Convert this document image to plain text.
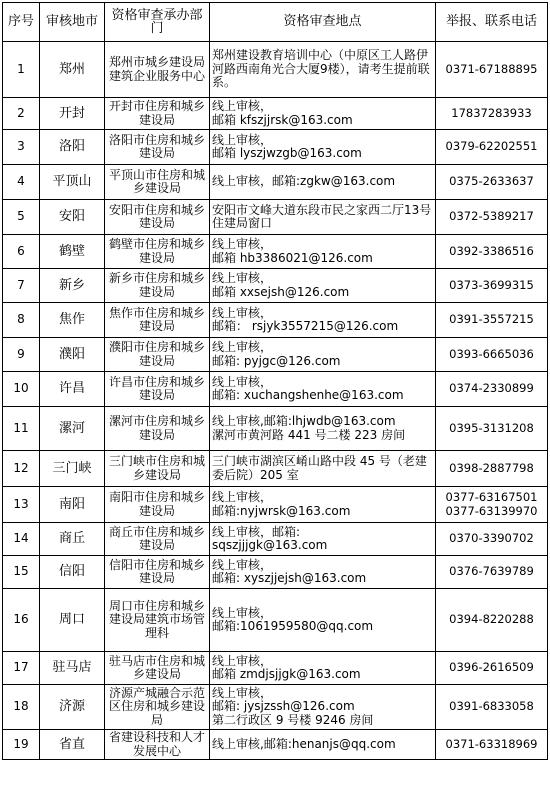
序号	审核地市	资格审查承办部门	资格审查地点	举报、联系电话
1	郑州	郑州市城乡建设局建筑企业服务中心	郑州建设教育培训中心（中原区工人路伊河路西南角光合大厦9楼），请考生提前联系。	0371-67188895
2	开封	开封市住房和城乡建设局	线上审核，
邮箱 kfszjjrsk@163.com	17837283933
3	洛阳	洛阳市住房和城乡建设局	线上审核，
邮箱 lyszjwzgb@163.com	0379-62202551
4	平顶山	平顶山市住房和城乡建设局	线上审核，邮箱:zgkw@163.com	0375-2633637
5	安阳	安阳市住房和城乡建设局	安阳市文峰大道东段市民之家西二厅13号住建局窗口	0372-5389217
6	鹤壁	鹤壁市住房和城乡建设局	线上审核，
邮箱 hb3386021@126.com	0392-3386516
7	新乡	新乡市住房和城乡建设局	线上审核，
邮箱 xxsejsh@126.com	0373-3699315
8	焦作	焦作市住房和城乡建设局	线上审核，
邮箱： rsjyk3557215@126.com	0391-3557215
9	濮阳	濮阳市住房和城乡建设局	线上审核，
邮箱: pyjgc@126.com	0393-6665036
10	许昌	许昌市住房和城乡建设局	线上审核，
邮箱: xuchangshenhe@163.com	0374-2330899
11	漯河	漯河市住房和城乡建设局	线上审核,邮箱:lhjwdb@163.com
漯河市黄河路 441 号二楼 223 房间	0395-3131208
12	三门峡	三门峡市住房和城乡建设局	三门峡市湖滨区崤山路中段 45 号（老建委后院）205 室	0398-2887798
13	南阳	南阳市住房和城乡建设局	线上审核，
邮箱:nyjwrsk@163.com	0377-63167501
0377-63139970
14	商丘	商丘市住房和城乡建设局	线上审核，邮箱:
sqszjjjgk@163.com	0370-3390702
15	信阳	信阳市住房和城乡建设局	线上审核，
邮箱: xyszjjejsh@163.com	0376-7639789
16	周口	周口市住房和城乡建设局建筑市场管理科	线上审核，
邮箱:1061959580@qq.com	0394-8220288
17	驻马店	驻马店市住房和城乡建设局	线上审核，
邮箱 zmdjsjjgk@163.com	0396-2616509
18	济源	济源产城融合示范区住房和城乡建设局	线上审核，
邮箱: jysjzssh@126.com
第二行政区 9 号楼 9246 房间	0391-6833058
19	省直	省建设科技和人才发展中心	线上审核,邮箱:henanjs@qq.com	0371-63318969
